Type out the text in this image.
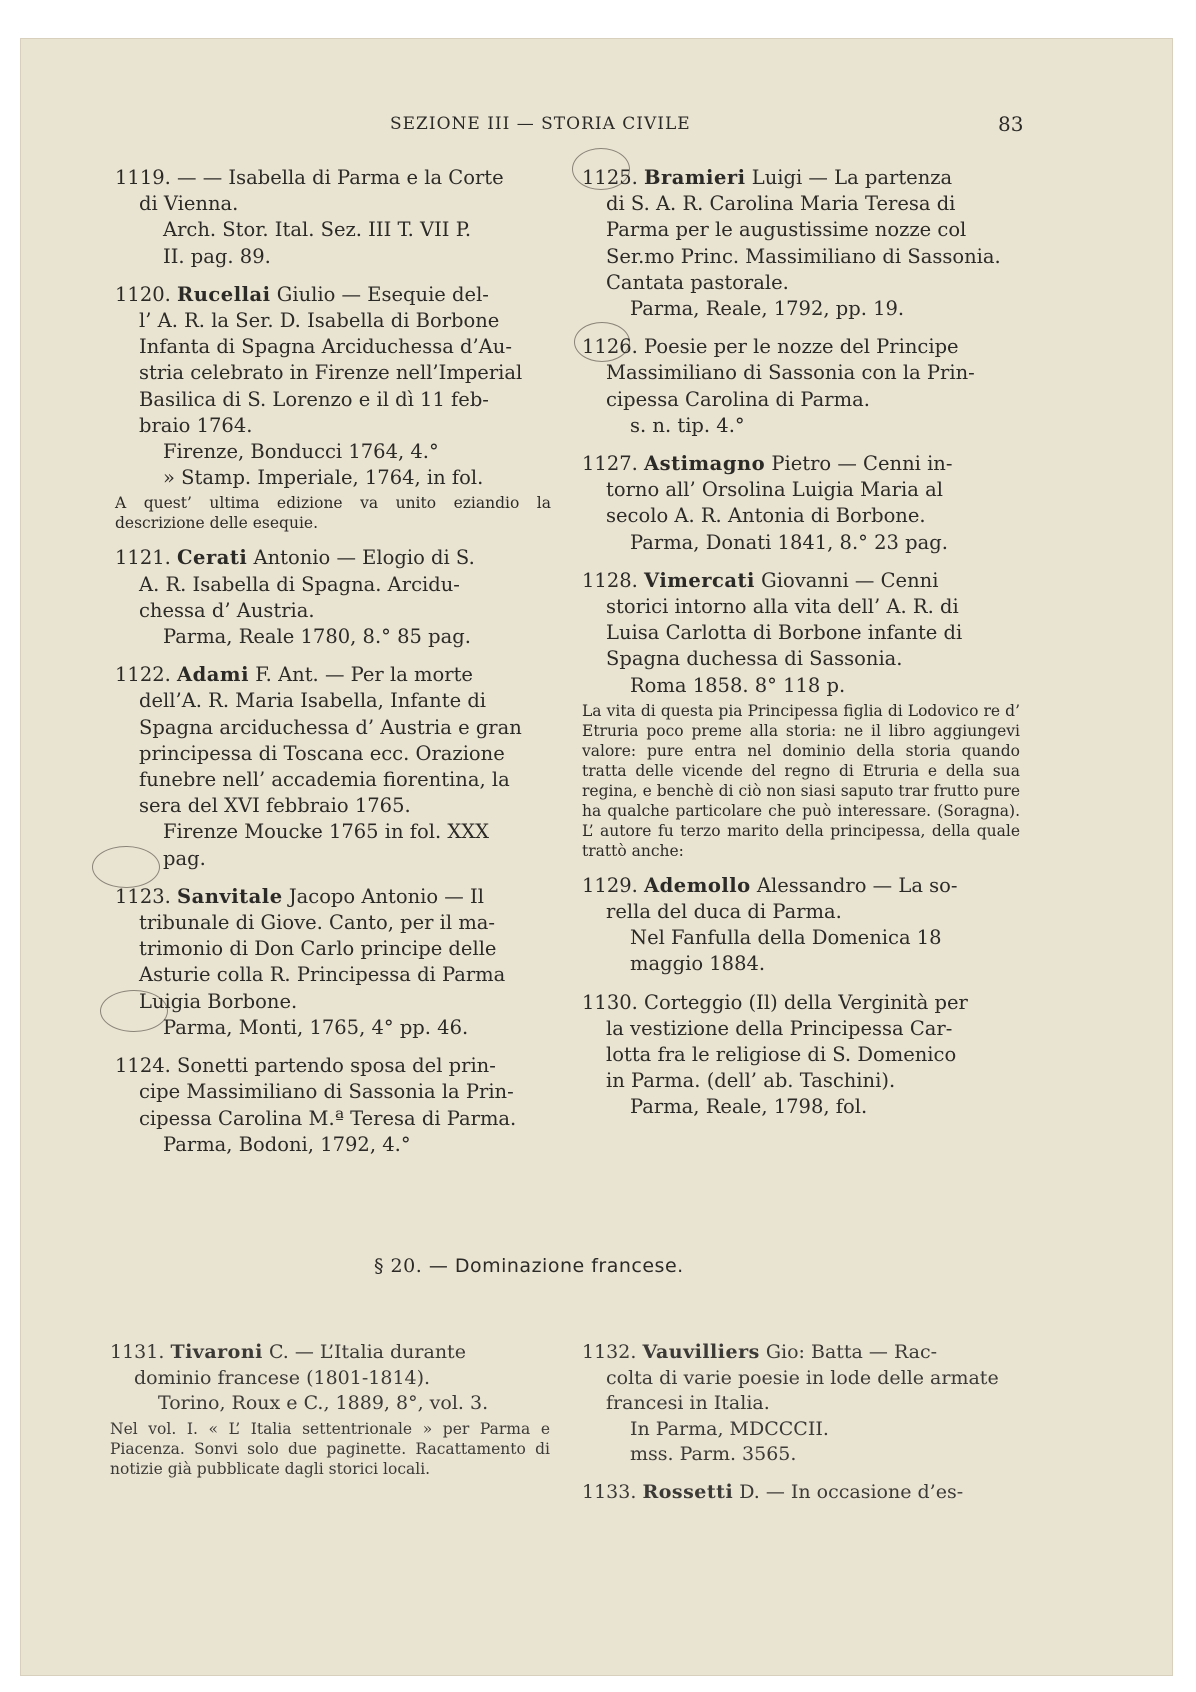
SEZIONE III — STORIA CIVILE	83

1119. — — Isabella di Parma e la Corte

di Vienna.

Arch. Stor. Ital. Sez. III T. VII P.

II. pag. 89.

1120. Rucellai Giulio — Esequie del-

l’ A. R. la Ser. D. Isabella di Borbone

Infanta di Spagna Arciduchessa d’Au-

stria celebrato in Firenze nell’Imperial

Basilica di S. Lorenzo e il dì 11 feb-

braio 1764.

Firenze, Bonducci 1764, 4.°

» Stamp. Imperiale, 1764, in fol.

A quest’ ultima edizione va unito eziandio la descrizione delle esequie.

1121. Cerati Antonio — Elogio di S.

A. R. Isabella di Spagna. Arcidu-

chessa d’ Austria.

Parma, Reale 1780, 8.° 85 pag.

1122. Adami F. Ant. — Per la morte

dell’A. R. Maria Isabella, Infante di

Spagna arciduchessa d’ Austria e gran

principessa di Toscana ecc. Orazione

funebre nell’ accademia fiorentina, la

sera del XVI febbraio 1765.

Firenze Moucke 1765 in fol. XXX

pag.

1123. Sanvitale Jacopo Antonio — Il

tribunale di Giove. Canto, per il ma-

trimonio di Don Carlo principe delle

Asturie colla R. Principessa di Parma

Luigia Borbone.

Parma, Monti, 1765, 4° pp. 46.

1124. Sonetti partendo sposa del prin-

cipe Massimiliano di Sassonia la Prin-

cipessa Carolina M.ª Teresa di Parma.

Parma, Bodoni, 1792, 4.°

1125. Bramieri Luigi — La partenza

di S. A. R. Carolina Maria Teresa di

Parma per le augustissime nozze col

Ser.mo Princ. Massimiliano di Sassonia.

Cantata pastorale.

Parma, Reale, 1792, pp. 19.

1126. Poesie per le nozze del Principe

Massimiliano di Sassonia con la Prin-

cipessa Carolina di Parma.

s. n. tip. 4.°

1127. Astimagno Pietro — Cenni in-

torno all’ Orsolina Luigia Maria al

secolo A. R. Antonia di Borbone.

Parma, Donati 1841, 8.° 23 pag.

1128. Vimercati Giovanni — Cenni

storici intorno alla vita dell’ A. R. di

Luisa Carlotta di Borbone infante di

Spagna duchessa di Sassonia.

Roma 1858. 8° 118 p.

La vita di questa pia Principessa figlia di Lodovico re d’ Etruria poco preme alla storia: ne il libro aggiungevi valore: pure entra nel dominio della storia quando tratta delle vicende del regno di Etruria e della sua regina, e benchè di ciò non siasi saputo trar frutto pure ha qualche particolare che può interessare. (Soragna). L’ autore fu terzo marito della principessa, della quale trattò anche:

1129. Ademollo Alessandro — La so-

rella del duca di Parma.

Nel Fanfulla della Domenica 18

maggio 1884.

1130. Corteggio (Il) della Verginità per

la vestizione della Principessa Car-

lotta fra le religiose di S. Domenico

in Parma. (dell’ ab. Taschini).

Parma, Reale, 1798, fol.

§ 20. — Dominazione francese.

1131. Tivaroni C. — L’Italia durante

dominio francese (1801-1814).

Torino, Roux e C., 1889, 8°, vol. 3.

Nel vol. I. « L’ Italia settentrionale » per Parma e Piacenza. Sonvi solo due paginette. Racattamento di notizie già pubblicate dagli storici locali.

1132. Vauvilliers Gio: Batta — Rac-

colta di varie poesie in lode delle armate

francesi in Italia.

In Parma, MDCCCII.

mss. Parm. 3565.

1133. Rossetti D. — In occasione d’es-
